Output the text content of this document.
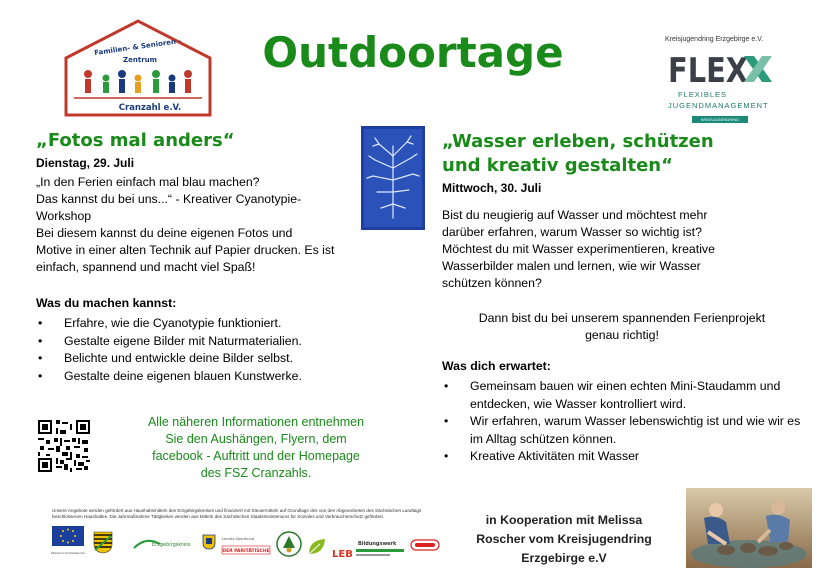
Familien- & Senioren -
Zentrum
Cranzahl e.V.
Outdoortage	Kreisjugendring Erzgebirge e.V.
FLEX
FLEXIBLES
JUGENDMANAGEMENT
KREISJUGENDRING
„Fotos mal anders“
Dienstag, 29. Juli
„In den Ferien einfach mal blau machen?
Das kannst du bei uns...“ - Kreativer Cyanotypie-
Workshop
Bei diesem kannst du deine eigenen Fotos und
Motive in einer alten Technik auf Papier drucken. Es ist
einfach, spannend und macht viel Spaß!
Was du machen kannst:
• Erfahre, wie die Cyanotypie funktioniert.
• Gestalte eigene Bilder mit Naturmaterialien.
• Belichte und entwickle deine Bilder selbst.
• Gestalte deine eigenen blauen Kunstwerke.
Alle näheren Informationen entnehmen
Sie den Aushängen, Flyern, dem
facebook - Auftritt und der Homepage
des FSZ Cranzahls.
„Wasser erleben, schützen
und kreativ gestalten“
Mittwoch, 30. Juli
Bist du neugierig auf Wasser und möchtest mehr
darüber erfahren, warum Wasser so wichtig ist?
Möchtest du mit Wasser experimentieren, kreative
Wasserbilder malen und lernen, wie wir Wasser
schützen können?
Dann bist du bei unserem spannenden Ferienprojekt
genau richtig!
Was dich erwartet:
• Gemeinsam bauen wir einen echten Mini-Staudamm und entdecken, wie Wasser kontrolliert wird.
• Wir erfahren, warum Wasser lebenswichtig ist und wie wir es im Alltag schützen können.
• Kreative Aktivitäten mit Wasser
Unsere Angebote werden gefördert aus Haushaltsmitteln des Erzgebirgskreises und finanziert mit Steuermitteln auf Grundlage des von den Abgeordneten des Sächsischen Landtags beschlossenen Haushaltes. Die Jahrmaßnahme Tätigkeiten werden aus Mitteln des Sächsischen Staatsministeriums für Soziales und Verbraucherschutz gefördert.
Kofinanziert von der Europäischen Union
Erzgebirgskreis
Landes-Sportbund
DER PARITÄTISCHE	LEB
Bildungswerk
in Kooperation mit Melissa
Roscher vom Kreisjugendring
Erzgebirge e.V
